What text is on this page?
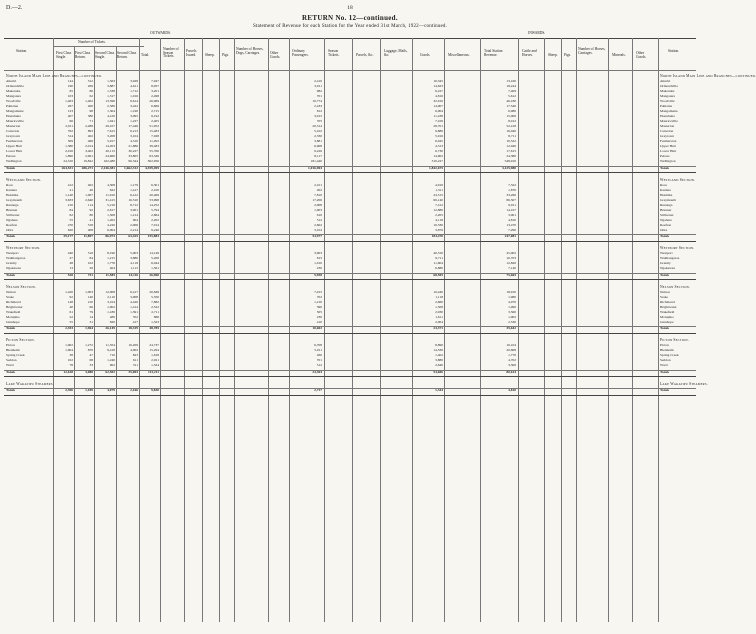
D.—2.	18
RETURN No. 12—continued.
Statement of Revenue for each Station for the Year ended 31st March, 1922—continued.
OUTWARDS.	INWARDS.
Station.
Number of Tickets.
First Class Single.
First Class Return.
Second Class Single.
Second Class Return.	Total.
Number of Season Tickets.
Parcels Issued.	Sheep. Pigs.
Number of Horses, Dogs, Carriages.	Other Goods.
Ordinary Passengers.
Season Tickets.	Parcels, &c.
Luggage, Mails, &c.	Goods.	Miscellaneous.
Total Station Revenue.
Cattle and Horses.	Sheep. Pigs.
Number of Horses, Carriages.
Minerals.	Other Goods.
Station.
North Island Main Line and Branches—continued.	North Island Main Line and Branches—continued.
Ahuriri	144	312	1,563	3,928	7,947	2,410	10,345	13,160	Ahuriri
Ormondville	190	269	3,887	4,611	8,957	3,011	14,623	18,244	Ormondville
Makotuku	65	86	1,338	1,712	3,201	982	6,227	7,409	Makotuku
Mangatera	103	62	1,317	1,016	2,498	701	4,816	5,612	Mangatera
Woodville	1,463	1,402	13,590	9,614	26,069	10,774	32,910	46,180	Woodville
Pahiatua	267	400	2,580	3,422	6,669	2,183	14,907	17,540	Pahiatua
Mangamaire	123	98	1,304	1,190	2,715	812	6,004	6,980	Mangamaire
Eketahuna	407	380	4,410	3,995	9,192	3,015	11,438	15,006	Eketahuna
Mauriceville	66	71	1,041	1,227	2,405	705	7,106	8,012	Mauriceville
Masterton	2,911	2,488	29,107	17,446	51,952	20,314	28,701	52,418	Masterton
Carterton	762	893	7,615	6,213	15,483	5,102	9,880	16,040	Carterton
Greytown	314	402	3,208	3,104	7,028	2,330	5,916	8,711	Greytown
Featherston	509	466	5,917	4,310	11,202	3,881	6,045	10,522	Featherston
Upper Hutt	1,380	2,014	14,203	21,886	39,483	6,908	4,313	12,040	Upper Hutt
Lower Hutt	2,016	3,402	20,115	30,227	55,760	9,226	6,730	17,615	Lower Hutt
Petone	1,890	2,991	24,660	33,805	63,346	8,117	14,902	24,380	Petone
Wellington	24,310	19,822	162,480	96,344	302,956	181,440	310,227	548,910	Wellington
Totals	264,531	286,271	2,146,381	1,662,312	4,359,495	1,016,904	1,842,675	3,125,980	Totals
Westland Section.	Westland Section.
Ross	412	402	4,308	1,179	6,301	2,101	4,910	7,322	Ross
Kaniere	21	40	622	1,417	2,100	402	1,311	1,870	Kaniere
Hokitika	1,140	1,007	11,910	6,412	20,469	7,810	24,515	33,260	Hokitika
Greymouth	3,633	2,640	31,415	16,310	53,998	17,206	66,140	86,507	Greymouth
Runanga	210	114	5,216	8,712	14,252	2,008	7,412	9,911	Runanga
Brunner	84	92	2,617	3,001	5,794	1,003	12,880	14,107	Brunner
Stillwater	62	80	1,508	1,214	2,864	610	2,205	3,001	Stillwater
Ngahere	55	41	1,202	904	2,202	512	4,118	4,810	Ngahere
Reefton	470	318	4,220	2,006	7,014	2,602	10,330	13,470	Reefton
Otira	620	408	6,004	2,214	9,246	3,104	3,876	7,290	Otira
Totals	29,177	11,897	86,973	63,425	155,883	54,977	184,470	247,081	Totals
Westport Section.	Westport Section.
Westport	440	516	8,190	5,003	14,149	3,903	40,310	45,002	Westport
Waimangaroa	27	84	1,215	3,880	5,206	815	9,711	10,703	Waimangaroa
Granity	48	102	1,776	4,118	6,044	1,010	11,604	12,820	Granity
Ngakawau	13	29	404	1,115	1,561	230	6,880	7,140	Ngakawau
Totals	528	731	11,585	14,116	26,960	5,958	68,505	75,665	Totals
Nelson Section.	Nelson Section.
Nelson	1,420	1,003	12,008	6,417	20,848	7,015	10,440	18,910	Nelson
Stoke	92	140	2,110	3,008	5,350	702	1,118	1,980	Stoke
Richmond	148	210	3,104	4,420	7,882	1,210	2,660	4,070	Richmond
Brightwater	40	66	1,002	1,414	2,522	390	1,508	1,990	Brightwater
Wakefield	61	79	1,180	1,391	2,711	505	2,930	3,560	Wakefield
Motupiko	22	14	480	352	868	230	1,611	1,902	Motupiko
Glenhope	55	31	820	417	1,323	410	2,004	2,530	Glenhope
Totals	2,353	1,964	26,149	18,319	48,785	10,602	23,371	35,642	Totals
Picton Section.	Picton Section.
Picton	1,902	1,272	11,354	10,209	24,737	6,708	8,890	16,104	Picton
Blenheim	1,004	870	9,418	4,002	15,294	5,011	14,330	20,608	Blenheim
Spring Creek	38	47	710	823	1,618	260	1,402	1,770	Spring Creek
Seddon	102	68	1,240	611	2,021	701	3,880	4,702	Seddon
Ward	78	33	902	311	1,324	512	2,640	3,306	Ward
Totals	12,618	3,088	62,502	35,003	113,211	24,304	54,606	80,614	Totals
Lake Wakatipu Steamers.	Lake Wakatipu Steamers.
Totals	2,396	1,189	4,079	2,166	9,830	2,717	1,344	4,810	Totals
